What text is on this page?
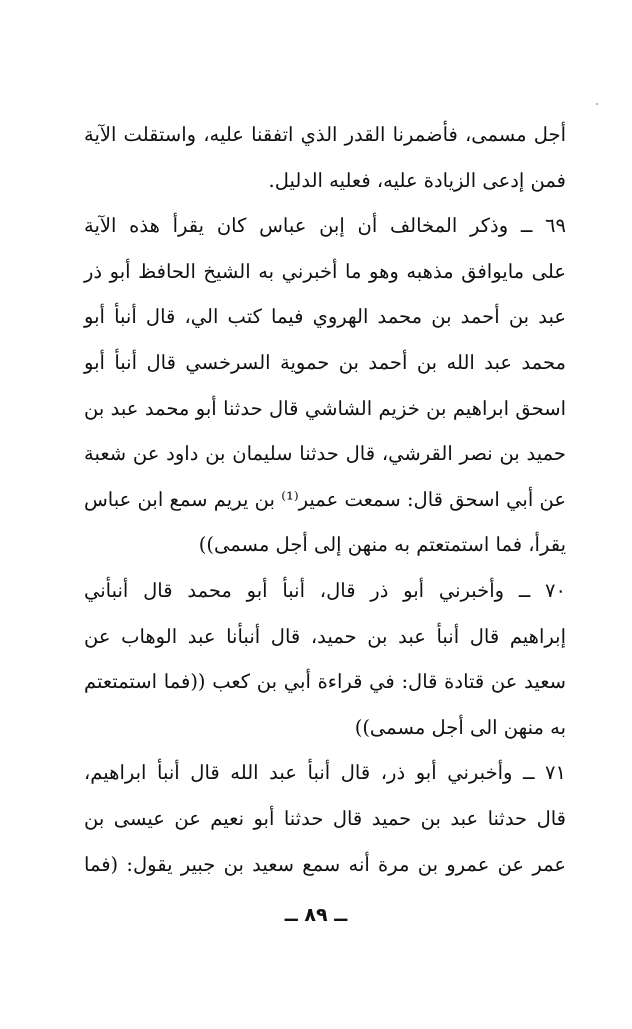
أجل مسمى، فأضمرنا القدر الذي اتفقنا عليه، واستقلت الآية
فمن إدعى الزيادة عليه، فعليه الدليل.
٦٩ ــ وذكر المخالف أن إبن عباس كان يقرأ هذه الآية
على مايوافق مذهبه وهو ما أخبرني به الشيخ الحافظ أبو ذر
عبد بن أحمد بن محمد الهروي فيما كتب الي، قال أنبأ أبو
محمد عبد الله بن أحمد بن حموية السرخسي قال أنبأ أبو
اسحق ابراهيم بن خزيم الشاشي قال حدثنا أبو محمد عبد بن
حميد بن نصر القرشي، قال حدثنا سليمان بن داود عن شعبة
عن أبي اسحق قال: سمعت عمير⁽¹⁾ بن يريم سمع ابن عباس
يقرأ، فما استمتعتم به منهن إلى أجل مسمى))
٧٠ ــ وأخبرني أبو ذر قال، أنبأ أبو محمد قال أنبأني
إبراهيم قال أنبأ عبد بن حميد، قال أنبأنا عبد الوهاب عن
سعيد عن قتادة قال: في قراءة أبي بن كعب ((فما استمتعتم
به منهن الى أجل مسمى))
٧١ ــ وأخبرني أبو ذر، قال أنبأ عبد الله قال أنبأ ابراهيم،
قال حدثنا عبد بن حميد قال حدثنا أبو نعيم عن عيسى بن
عمر عن عمرو بن مرة أنه سمع سعيد بن جبير يقول: (فما
ــ ٨٩ ــ
